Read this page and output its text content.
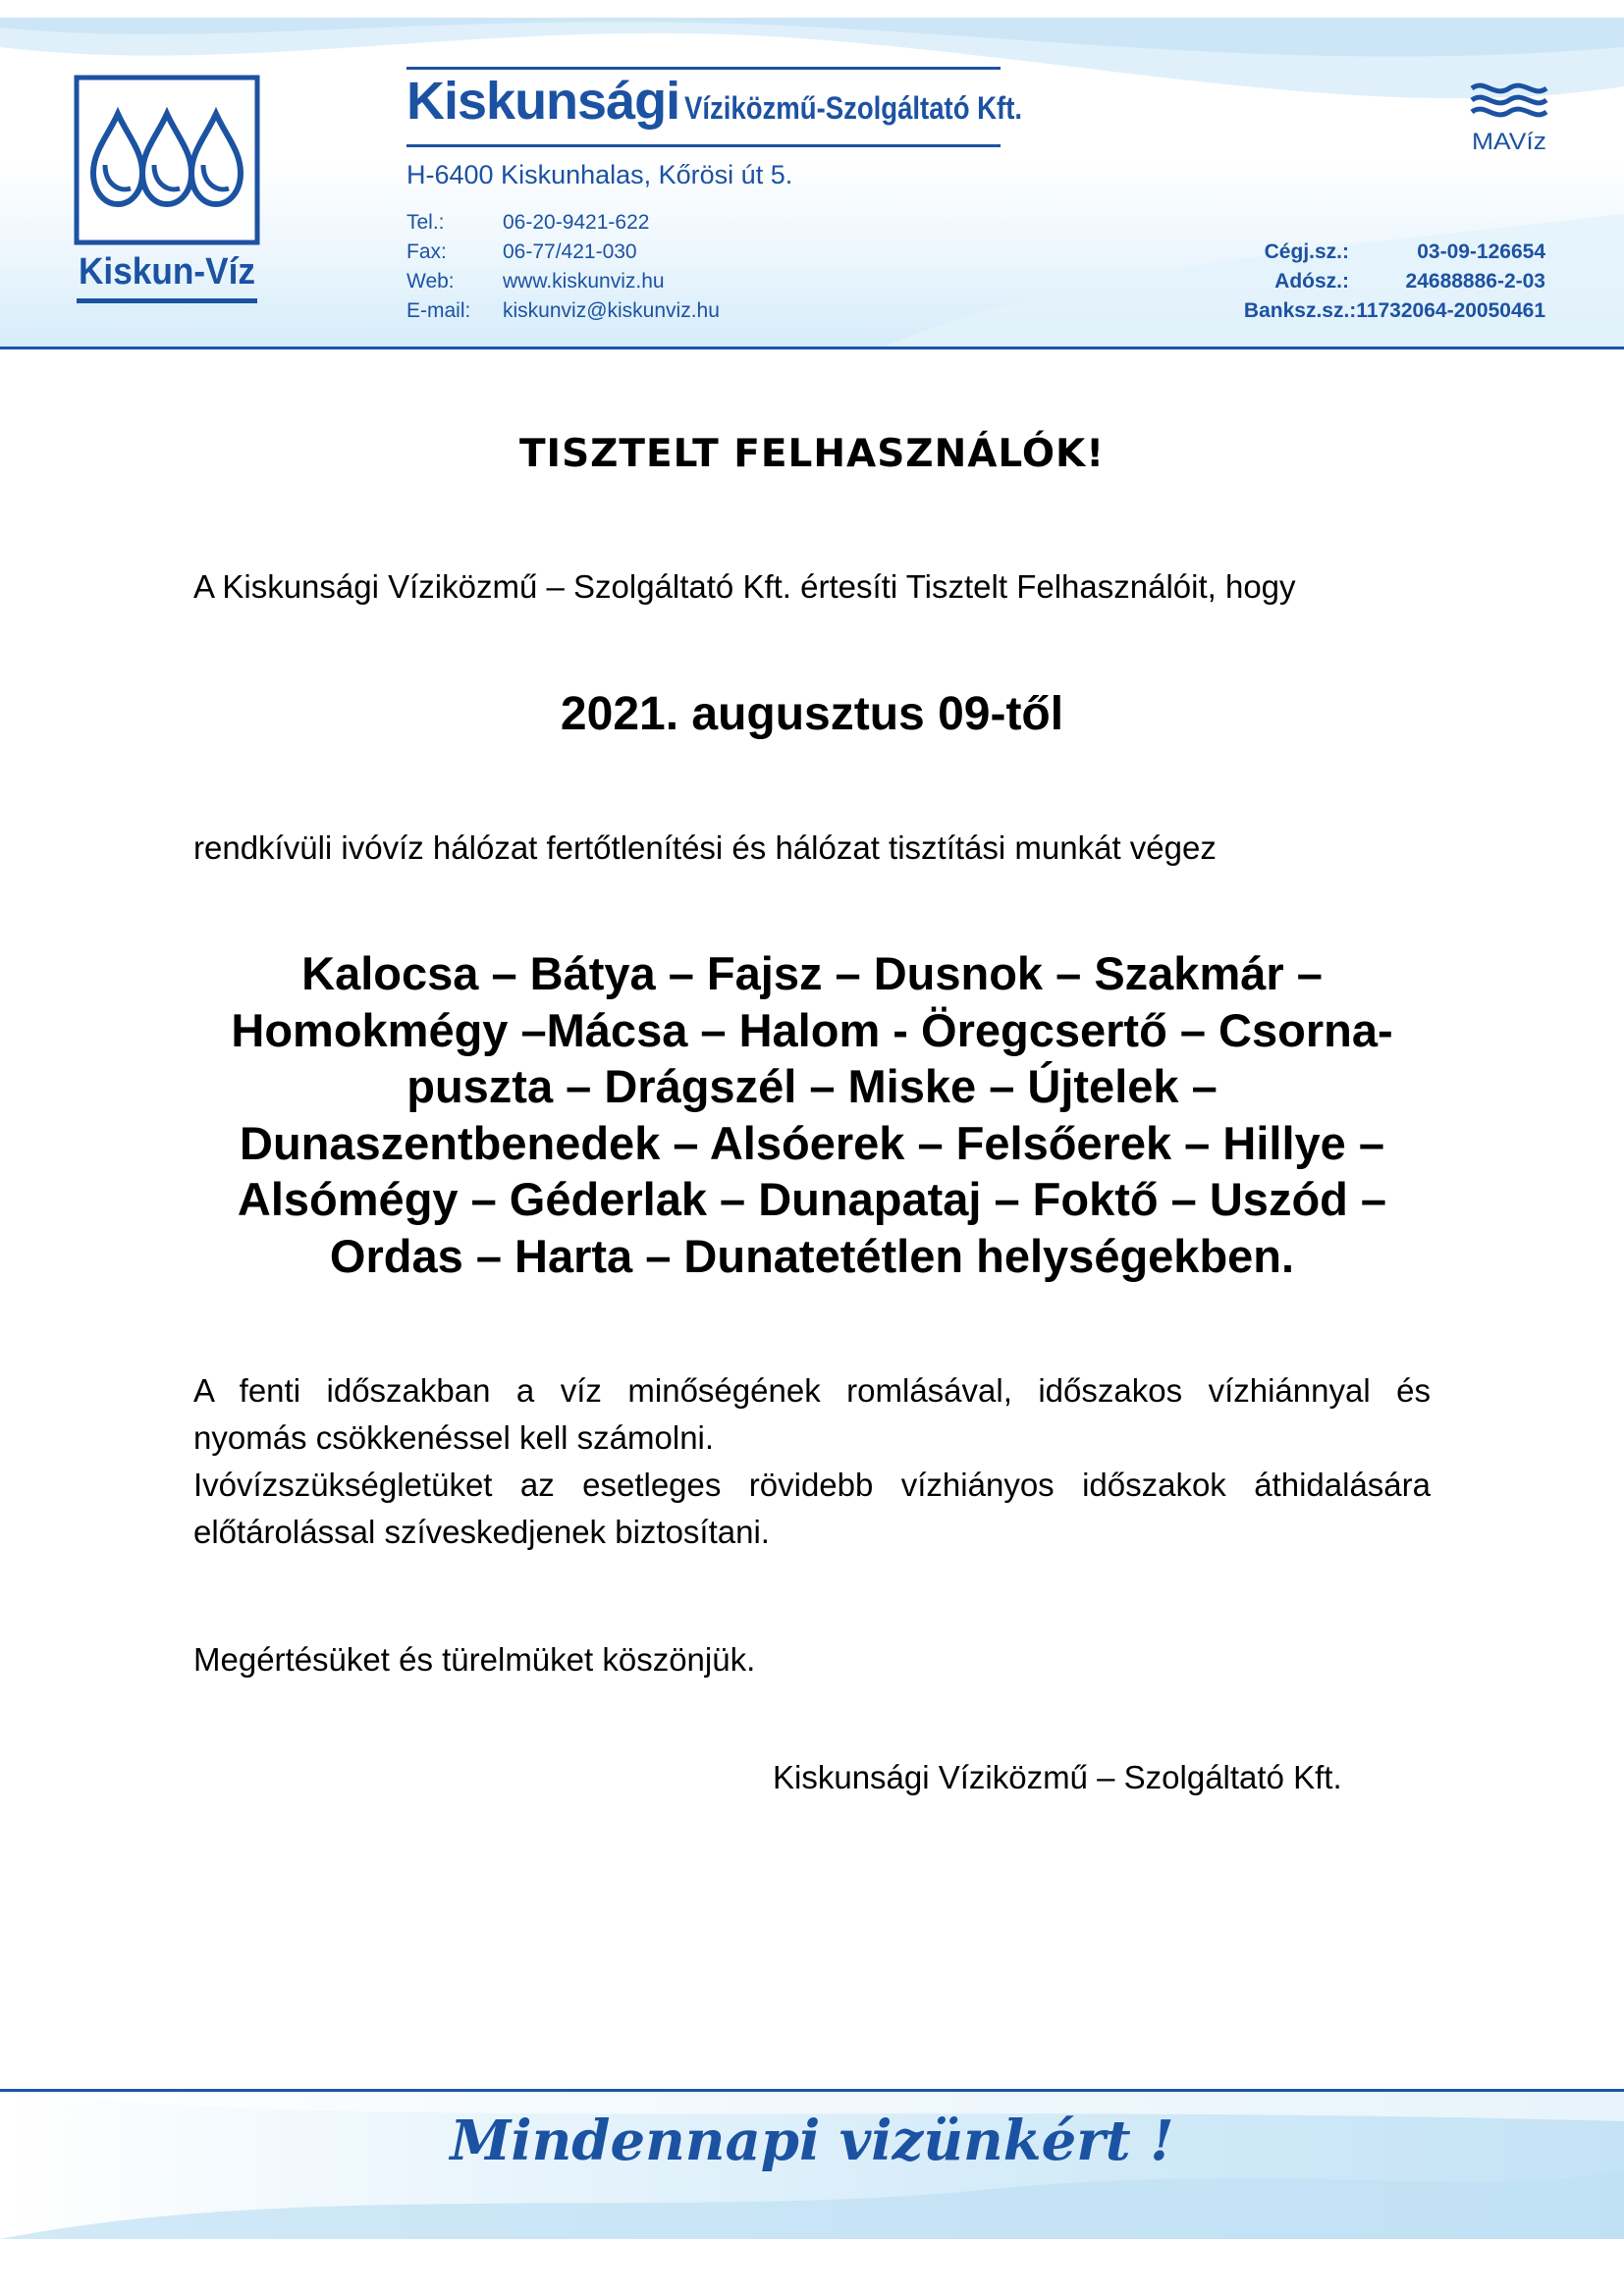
Kiskun-Víz
Kiskunsági Víziközmű-Szolgáltató Kft.
H-6400 Kiskunhalas, Kőrösi út 5.
Tel.:	06-20-9421-622
Fax:	06-77/421-030
Web: www.kiskunviz.hu
E-mail: kiskunviz@kiskunviz.hu
Cégj.sz.:	03-09-126654
Adósz.:	24688886-2-03
Banksz.sz.:11732064-20050461
MAVíz
TISZTELT FELHASZNÁLÓK!
A Kiskunsági Víziközmű – Szolgáltató Kft. értesíti Tisztelt Felhasználóit, hogy
2021. augusztus 09-től
rendkívüli ivóvíz hálózat fertőtlenítési és hálózat tisztítási munkát végez
Kalocsa – Bátya – Fajsz – Dusnok – Szakmár –
Homokmégy –Mácsa – Halom - Öregcsertő – Csorna-
puszta – Drágszél – Miske – Újtelek –
Dunaszentbenedek – Alsóerek – Felsőerek – Hillye –
Alsómégy – Géderlak – Dunapataj – Foktő – Uszód –
Ordas – Harta – Dunatetétlen helységekben.

A fenti időszakban a víz minőségének romlásával, időszakos vízhiánnyal és

nyomás csökkenéssel kell számolni.

Ivóvízszükségletüket az esetleges rövidebb vízhiányos időszakok áthidalására

előtárolással szíveskedjenek biztosítani.

Megértésüket és türelmüket köszönjük.
Kiskunsági Víziközmű – Szolgáltató Kft.
Mindennapi vizünkért !
